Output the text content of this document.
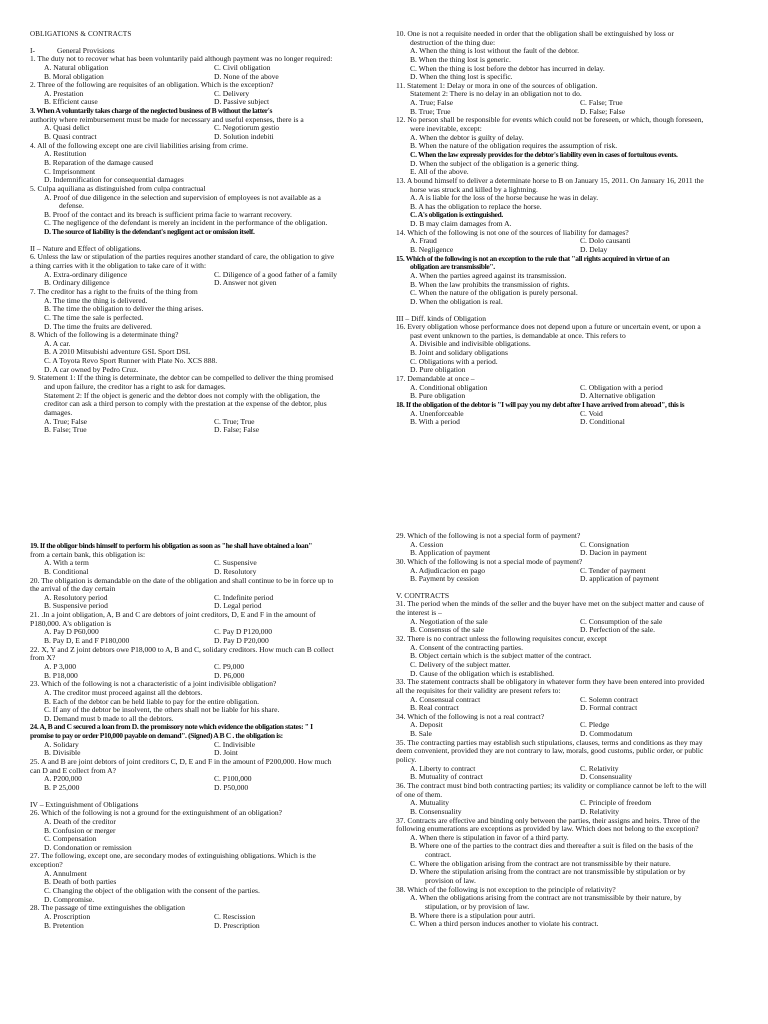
OBLIGATIONS & CONTRACTS
I-	General Provisions
1. The duty not to recover what has been voluntarily paid although payment was no longer required:
A. Natural obligation	C. Civil obligation
B. Moral obligation	D. None of the above
2. Three of the following are requisites of an obligation. Which is the exception?
A. Prestation	C. Delivery
B. Efficient cause	D. Passive subject
3. When A voluntarily takes charge of the neglected business of B without the latter's
authority where reimbursement must be made for necessary and useful expenses, there is a
A. Quasi delict	C. Negotiorum gestio
B. Quasi contract	D. Solution indebiti
4. All of the following except one are civil liabilities arising from crime.
A. Restitution
B. Reparation of the damage caused
C. Imprisonment
D. Indemnification for consequential damages
5. Culpa aquiliana as distinguished from culpa contractual
A. Proof of due diligence in the selection and supervision of employees is not available as a
defense.
B. Proof of the contact and its breach is sufficient prima facie to warrant recovery.
C. The negligence of the defendant is merely an incident in the performance of the obligation.
D. The source of liability is the defendant's negligent act or omission itself.
II – Nature and Effect of obligations.
6. Unless the law or stipulation of the parties requires another standard of care, the obligation to give
a thing carries with it the obligation to take care of it with:
A. Extra-ordinary diligence	C. Diligence of a good father of a family
B. Ordinary diligence	D. Answer not given
7. The creditor has a right to the fruits of the thing from
A. The time the thing is delivered.
B. The time the obligation to deliver the thing arises.
C. The time the sale is perfected.
D. The time the fruits are delivered.
8. Which of the following is a determinate thing?
A. A car.
B. A 2010 Mitsubishi adventure GSL Sport DSL
C. A Toyota Revo Sport Runner with Plate No. XCS 888.
D. A car owned by Pedro Cruz.
9. Statement 1: If the thing is determinate, the debtor can be compelled to deliver the thing promised
and upon failure, the creditor has a right to ask for damages.
Statement 2: If the object is generic and the debtor does not comply with the obligation, the
creditor can ask a third person to comply with the prestation at the expense of the debtor, plus
damages.
A. True; False	C. True; True
B. False; True	D. False; False
10. One is not a requisite needed in order that the obligation shall be extinguished by loss or
destruction of the thing due:
A. When the thing is lost without the fault of the debtor.
B. When the thing lost is generic.
C. When the thing is lost before the debtor has incurred in delay.
D. When the thing lost is specific.
11. Statement 1: Delay or mora in one of the sources of obligation.
Statement 2: There is no delay in an obligation not to do.
A. True; False	C. False; True
B. True; True	D. False; False
12. No person shall be responsible for events which could not be foreseen, or which, though foreseen,
were inevitable, except:
A. When the debtor is guilty of delay.
B. When the nature of the obligation requires the assumption of risk.
C. When the law expressly provides for the debtor's liability even in cases of fortuitous events.
D. When the subject of the obligation is a generic thing.
E. All of the above.
13. A bound himself to deliver a determinate horse to B on January 15, 2011. On January 16, 2011 the
horse was struck and killed by a lightning.
A. A is liable for the loss of the horse because he was in delay.
B. A has the obligation to replace the horse.
C. A's obligation is extinguished.
D. B may claim damages from A.
14. Which of the following is not one of the sources of liability for damages?
A. Fraud	C. Dolo causanti
B. Negligence	D. Delay
15. Which of the following is not an exception to the rule that "all rights acquired in virtue of an
obligation are transmissible".
A. When the parties agreed against its transmission.
B. When the law prohibits the transmission of rights.
C. When the nature of the obligation is purely personal.
D. When the obligation is real.
III – Diff. kinds of Obligation
16. Every obligation whose performance does not depend upon a future or uncertain event, or upon a
past event unknown to the parties, is demandable at once. This refers to
A. Divisible and indivisible obligations.
B. Joint and solidary obligations
C. Obligations with a period.
D. Pure obligation
17. Demandable at once –
A. Conditional obligation	C. Obligation with a period
B. Pure obligation	D. Alternative obligation
18. If the obligation of the debtor is "I will pay you my debt after I have arrived from abroad", this is
A. Unenforceable	C. Void
B. With a period	D. Conditional
19. If the obligor binds himself to perform his obligation as soon as "he shall have obtained a loan"
from a certain bank, this obligation is:
A. With a term	C. Suspensive
B. Conditional	D. Resolutory
20. The obligation is demandable on the date of the obligation and shall continue to be in force up to
the arrival of the day certain
A. Resolutory period	C. Indefinite period
B. Suspensive period	D. Legal period
21. .In a joint obligation, A, B and C are debtors of joint creditors, D, E and F in the amount of
P180,000. A's obligation is
A. Pay D P60,000	C. Pay D P120,000
B. Pay D, E and F P180,000	D. Pay D P20,000
22. X, Y and Z joint debtors owe P18,000 to A, B and C, solidary creditors. How much can B collect
from X?
A. P 3,000	C. P9,000
B. P18,000	D. P6,000
23. Which of the following is not a characteristic of a joint indivisible obligation?
A. The creditor must proceed against all the debtors.
B. Each of the debtor can be held liable to pay for the entire obligation.
C. If any of the debtor be insolvent, the others shall not be liable for his share.
D. Demand must b made to all the debtors.
24. A, B and C secured a loan from D. the promissory note which evidence the obligation states: " I
promise to pay or order P10,000 payable on demand". (Signed) A B C . the obligation is:
A. Solidary	C. Indivisible
B. Divisible	D. Joint
25. A and B are joint debtors of joint creditors C, D, E and F in the amount of P200,000. How much
can D and E collect from A?
A. P200,000	C. P100,000
B. P 25,000	D. P50,000
IV – Extinguishment of Obligations
26. Which of the following is not a ground for the extinguishment of an obligation?
A. Death of the creditor
B. Confusion or merger
C. Compensation
D. Condonation or remission
27. The following, except one, are secondary modes of extinguishing obligations. Which is the
exception?
A. Annulment
B. Death of both parties
C. Changing the object of the obligation with the consent of the parties.
D. Compromise.
28. The passage of time extinguishes the obligation
A. Proscription	C. Rescission
B. Pretention	D. Prescription
29. Which of the following is not a special form of payment?
A. Cession	C. Consignation
B. Application of payment	D. Dacion in payment
30. Which of the following is not a special mode of payment?
A. Adjudicacion en pago	C. Tender of payment
B. Payment by cession	D. application of payment
V. CONTRACTS
31. The period when the minds of the seller and the buyer have met on the subject matter and cause of
the interest is –
A. Negotiation of the sale	C. Consumption of the sale
B. Consensus of the sale	D. Perfection of the sale.
32. There is no contract unless the following requisites concur, except
A. Consent of the contracting parties.
B. Object certain which is the subject matter of the contract.
C. Delivery of the subject matter.
D. Cause of the obligation which is established.
33. The statement contracts shall be obligatory in whatever form they have been entered into provided
all the requisites for their validity are present refers to:
A. Consensual contract	C. Solemn contract
B. Real contract	D. Formal contract
34. Which of the following is not a real contract?
A. Deposit	C. Pledge
B. Sale	D. Commodatum
35. The contracting parties may establish such stipulations, clauses, terms and conditions as they may
deem convenient, provided they are not contrary to law, morals, good customs, public order, or public
policy.
A. Liberty to contract	C. Relativity
B. Mutuality of contract	D. Consensuality
36. The contract must bind both contracting parties; its validity or compliance cannot be left to the will
of one of them.
A. Mutuality	C. Principle of freedom
B. Consensuality	D. Relativity
37. Contracts are effective and binding only between the parties, their assigns and heirs. Three of the
following enumerations are exceptions as provided by law. Which does not belong to the exception?
A. When there is stipulation in favor of a third party.
B. Where one of the parties to the contract dies and thereafter a suit is filed on the basis of the
contract.
C. Where the obligation arising from the contract are not transmissible by their nature.
D. Where the stipulation arising from the contract are not transmissible by stipulation or by
provision of law.
38. Which of the following is not exception to the principle of relativity?
A. When the obligations arising from the contract are not transmissible by their nature, by
stipulation, or by provision of law.
B. Where there is a stipulation pour autri.
C. When a third person induces another to violate his contract.
